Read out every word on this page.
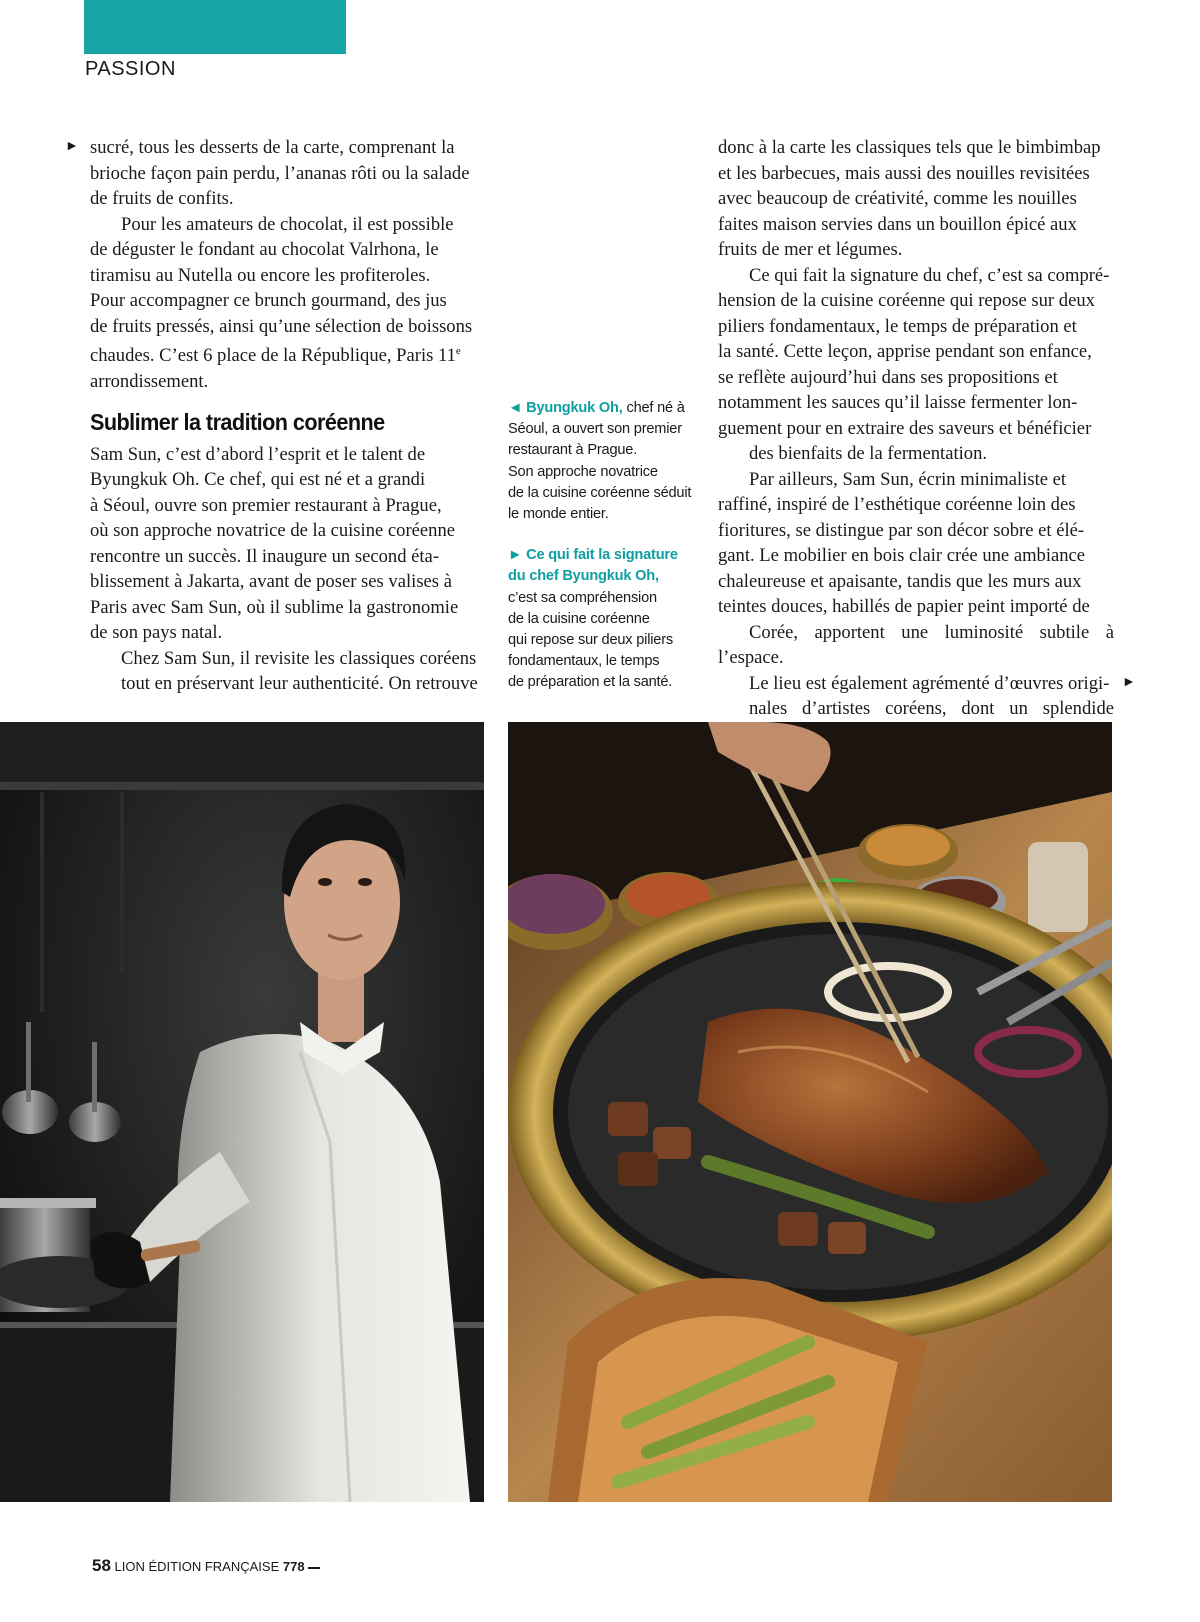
PASSION
►
►

sucré, tous les desserts de la carte, comprenant la
brioche façon pain perdu, l’ananas rôti ou la salade
de fruits de confits.

Pour les amateurs de chocolat, il est possible
de déguster le fondant au chocolat Valrhona, le
tiramisu au Nutella ou encore les profiteroles.
Pour accompagner ce brunch gourmand, des jus
de fruits pressés, ainsi qu’une sélection de boissons
chaudes. C’est 6 place de la République, Paris 11e
arrondissement.

Sublimer la tradition coréenne

Sam Sun, c’est d’abord l’esprit et le talent de
Byungkuk Oh. Ce chef, qui est né et a grandi
à Séoul, ouvre son premier restaurant à Prague,
où son approche novatrice de la cuisine coréenne
rencontre un succès. Il inaugure un second éta-
blissement à Jakarta, avant de poser ses valises à
Paris avec Sam Sun, où il sublime la gastronomie
de son pays natal.

Chez Sam Sun, il revisite les classiques coréens

tout en préservant leur authenticité. On retrouve

◄ Byungkuk Oh, chef né à
Séoul, a ouvert son premier
restaurant à Prague.
Son approche novatrice
de la cuisine coréenne séduit
le monde entier.

► Ce qui fait la signature
du chef Byungkuk Oh,
c’est sa compréhension
de la cuisine coréenne
qui repose sur deux piliers
fondamentaux, le temps
de préparation et la santé.

donc à la carte les classiques tels que le bimbimbap
et les barbecues, mais aussi des nouilles revisitées
avec beaucoup de créativité, comme les nouilles
faites maison servies dans un bouillon épicé aux
fruits de mer et légumes.

Ce qui fait la signature du chef, c’est sa compré-
hension de la cuisine coréenne qui repose sur deux
piliers fondamentaux, le temps de préparation et
la santé. Cette leçon, apprise pendant son enfance,
se reflète aujourd’hui dans ses propositions et
notamment les sauces qu’il laisse fermenter lon-
guement pour en extraire des saveurs et bénéficier

des bienfaits de la fermentation.

Par ailleurs, Sam Sun, écrin minimaliste et
raffiné, inspiré de l’esthétique coréenne loin des
fioritures, se distingue par son décor sobre et élé-
gant. Le mobilier en bois clair crée une ambiance
chaleureuse et apaisante, tandis que les murs aux
teintes douces, habillés de papier peint importé de

Corée, apportent une luminosité subtile à l’espace.

Le lieu est également agrémenté d’œuvres origi-

nales d’artistes coréens, dont un splendide

58 LION ÉDITION FRANÇAISE 778
